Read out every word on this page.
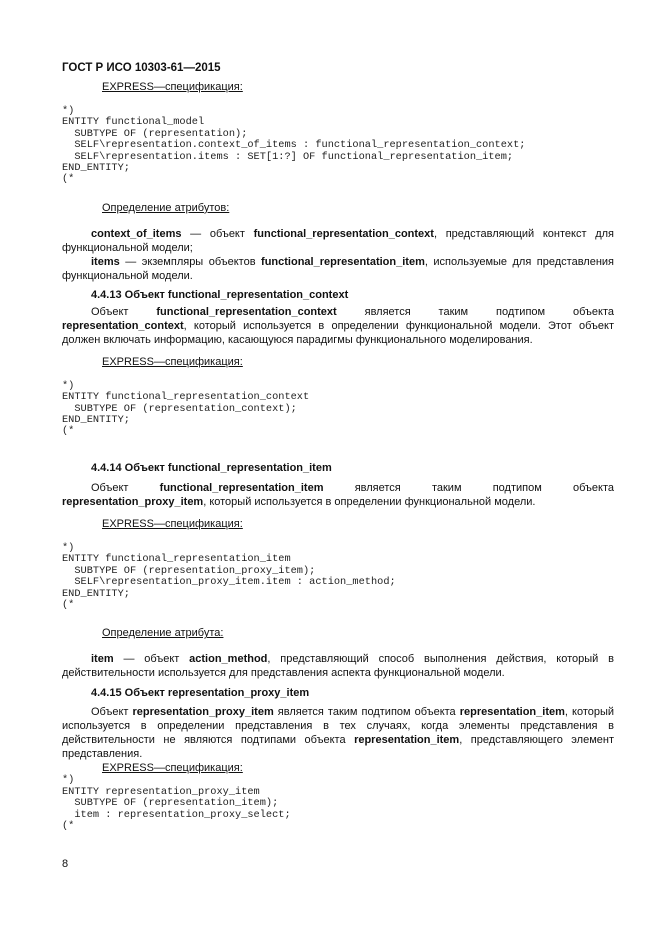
ГОСТ Р ИСО 10303-61—2015

EXPRESS—спецификация:

*)
ENTITY functional_model
SUBTYPE OF (representation);
SELF\representation.context_of_items : functional_representation_context;
SELF\representation.items : SET[1:?] OF functional_representation_item;
END_ENTITY;
(*

Определение атрибутов:

context_of_items — объект functional_representation_context, представляющий контекст для функциональной модели;

items — экземпляры объектов functional_representation_item, используемые для представления функциональной модели.

4.4.13 Объект functional_representation_context

Объект functional_representation_context является таким подтипом объекта representation_context, который используется в определении функциональной модели. Этот объект должен включать информацию, касающуюся парадигмы функционального моделирования.

EXPRESS—спецификация:

*)
ENTITY functional_representation_context
SUBTYPE OF (representation_context);
END_ENTITY;
(*

4.4.14 Объект functional_representation_item

Объект functional_representation_item является таким подтипом объекта representation_proxy_item, который используется в определении функциональной модели.

EXPRESS—спецификация:

*)
ENTITY functional_representation_item
SUBTYPE OF (representation_proxy_item);
SELF\representation_proxy_item.item : action_method;
END_ENTITY;
(*

Определение атрибута:

item — объект action_method, представляющий способ выполнения действия, который в действительности используется для представления аспекта функциональной модели.

4.4.15 Объект representation_proxy_item

Объект representation_proxy_item является таким подтипом объекта representation_item, который используется в определении представления в тех случаях, когда элементы представления в действительности не являются подтипами объекта representation_item, представляющего элемент представления.

EXPRESS—спецификация:

*)
ENTITY representation_proxy_item
SUBTYPE OF (representation_item);
item : representation_proxy_select;
(*
8
